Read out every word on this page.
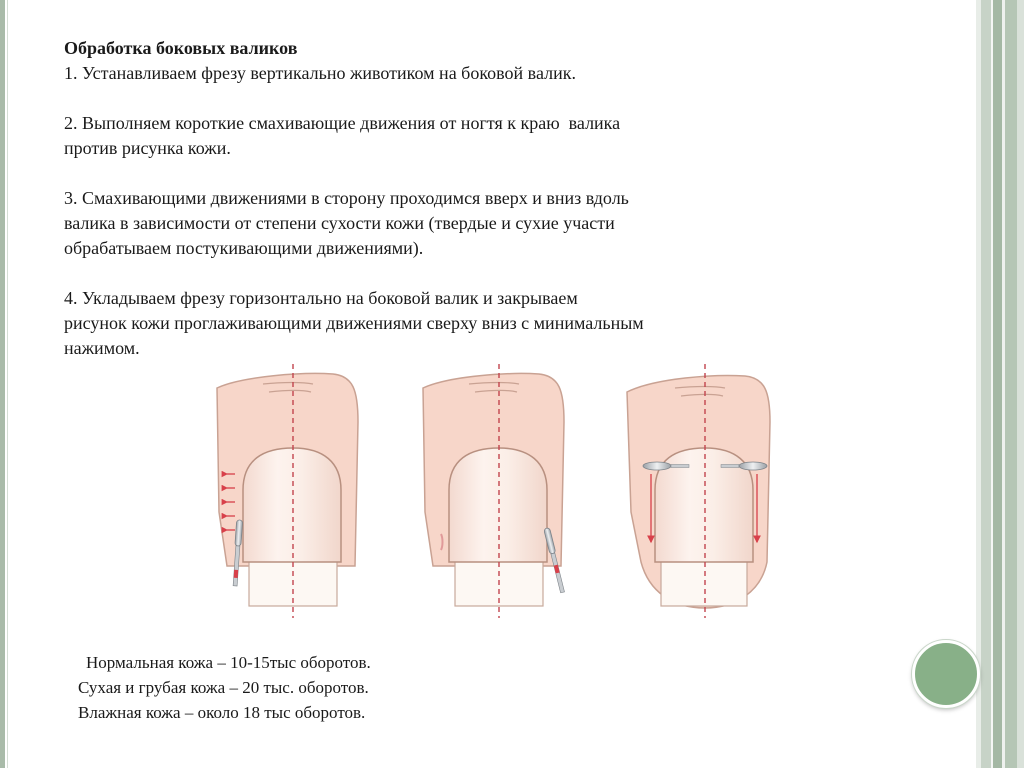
Обработка боковых валиков
1. Устанавливаем фрезу вертикально животиком на боковой валик.
2. Выполняем короткие смахивающие движения от ногтя к краю  валика
против рисунка кожи.
3. Смахивающими движениями в сторону проходимся вверх и вниз вдоль
валика в зависимости от степени сухости кожи (твердые и сухие участи
обрабатываем постукивающими движениями).
4. Укладываем фрезу горизонтально на боковой валик и закрываем
рисунок кожи проглаживающими движениями сверху вниз с минимальным
нажимом.
Нормальная кожа – 10-15тыс оборотов.
Сухая и грубая кожа – 20 тыс. оборотов.
Влажная кожа – около 18 тыс оборотов.
